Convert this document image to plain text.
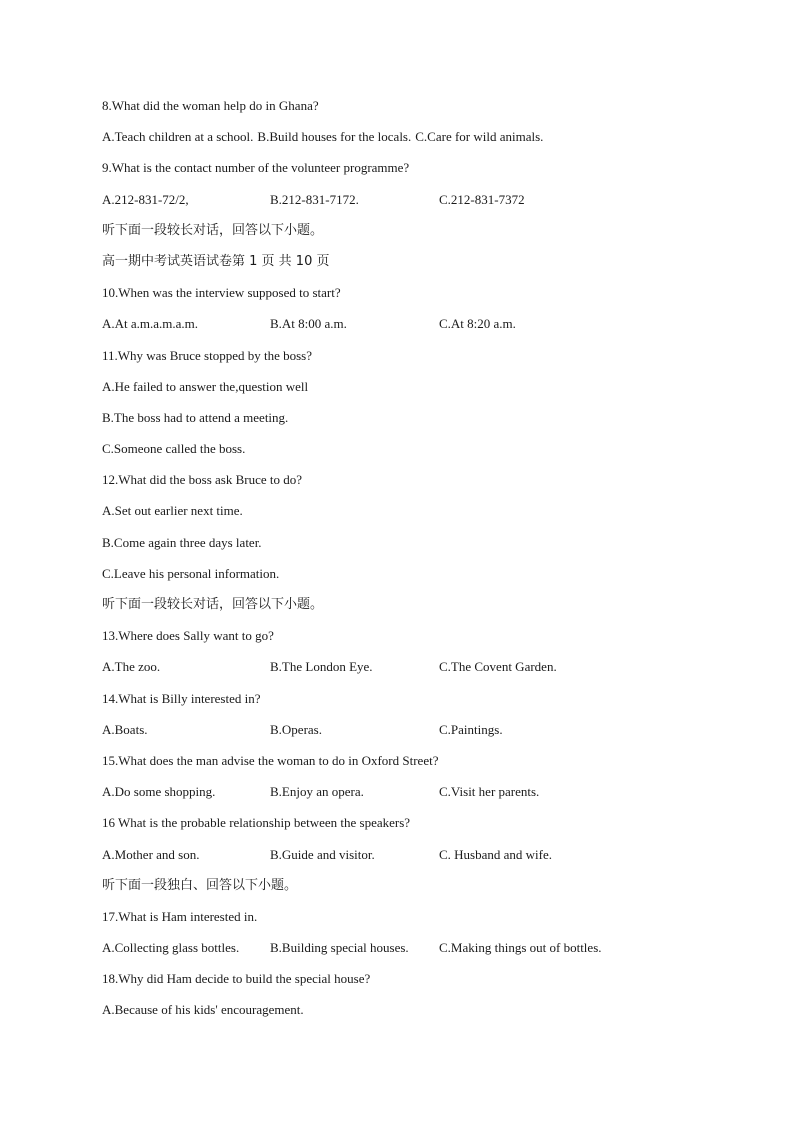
8.What did the woman help do in Ghana?
A.Teach children at a school. B.Build houses for the locals. C.Care for wild animals.
9.What is the contact number of the volunteer programme?
A.212-831-72/2,	B.212-831-7172.	C.212-831-7372
听下面一段较长对话，回答以下小题。
高一期中考试英语试卷第 1 页 共 10 页
10.When was the interview supposed to start?
A.At a.m.a.m.a.m.	B.At 8:00 a.m.	C.At 8:20 a.m.
11.Why was Bruce stopped by the boss?
A.He failed to answer the,question well
B.The boss had to attend a meeting.
C.Someone called the boss.
12.What did the boss ask Bruce to do?
A.Set out earlier next time.
B.Come again three days later.
C.Leave his personal information.
听下面一段较长对话，回答以下小题。
13.Where does Sally want to go?
A.The zoo.	B.The London Eye.	C.The Covent Garden.
14.What is Billy interested in?
A.Boats.	B.Operas.	C.Paintings.
15.What does the man advise the woman to do in Oxford Street?
A.Do some shopping.	B.Enjoy an opera.	C.Visit her parents.
16 What is the probable relationship between the speakers?
A.Mother and son.	B.Guide and visitor.	C. Husband and wife.
听下面一段独白、回答以下小题。
17.What is Ham interested in.
A.Collecting glass bottles.	B.Building special houses.	C.Making things out of bottles.
18.Why did Ham decide to build the special house?
A.Because of his kids' encouragement.
